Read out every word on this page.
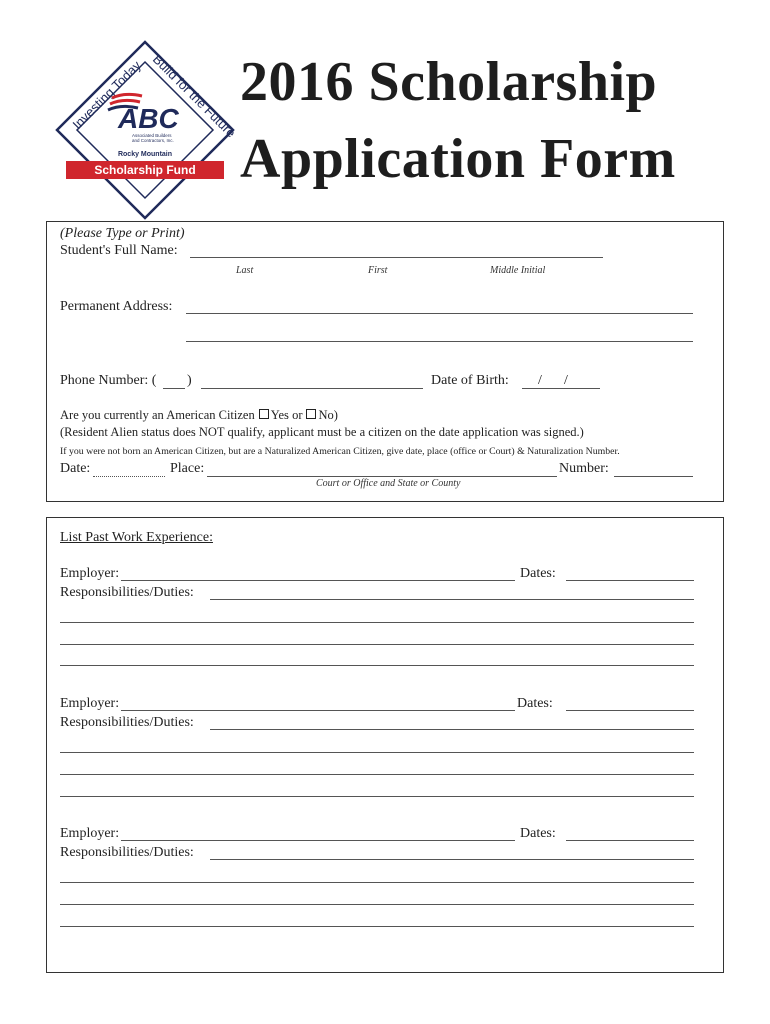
Investing Today Build for the Future
ABC
Associated Builders
and Contractors, Inc.
Rocky Mountain
Scholarship Fund
2016 Scholarship
Application Form
(Please Type or Print)
Student's Full Name:
Last	First	Middle Initial
Permanent Address:
Phone Number: ( )	Date of Birth: / /
Are you currently an American Citizen Yes or No)
(Resident Alien status does NOT qualify, applicant must be a citizen on the date application was signed.)
If you were not born an American Citizen, but are a Naturalized American Citizen, give date, place (office or Court) & Naturalization Number.
Date:	Place:	Number:
Court or Office and State or County
List Past Work Experience:
Employer:	Dates:
Responsibilities/Duties:
Employer:	Dates:
Responsibilities/Duties:
Employer:	Dates:
Responsibilities/Duties:
